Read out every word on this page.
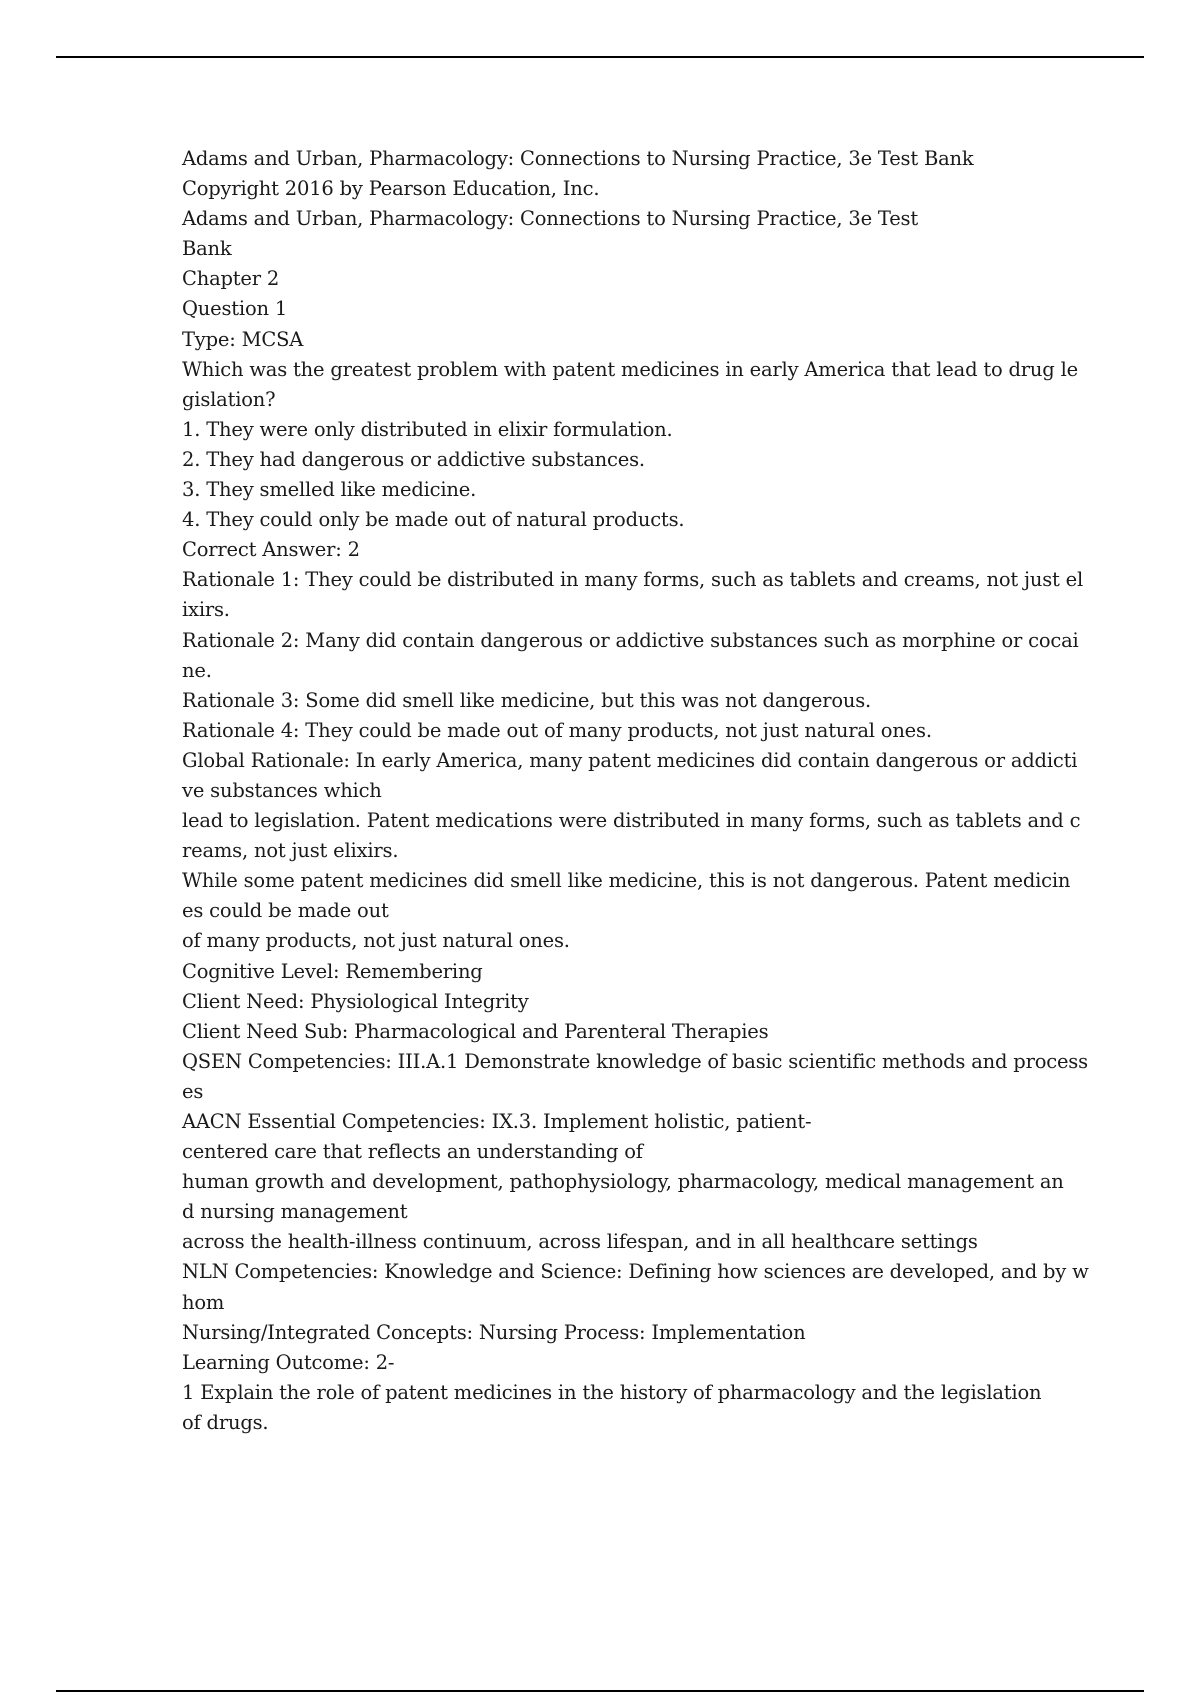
Adams and Urban, Pharmacology: Connections to Nursing Practice, 3e Test Bank
Copyright 2016 by Pearson Education, Inc.
Adams and Urban, Pharmacology: Connections to Nursing Practice, 3e Test
Bank
Chapter 2
Question 1
Type: MCSA
Which was the greatest problem with patent medicines in early America that lead to drug le
gislation?
1. They were only distributed in elixir formulation.
2. They had dangerous or addictive substances.
3. They smelled like medicine.
4. They could only be made out of natural products.
Correct Answer: 2
Rationale 1: They could be distributed in many forms, such as tablets and creams, not just el
ixirs.
Rationale 2: Many did contain dangerous or addictive substances such as morphine or cocai
ne.
Rationale 3: Some did smell like medicine, but this was not dangerous.
Rationale 4: They could be made out of many products, not just natural ones.
Global Rationale: In early America, many patent medicines did contain dangerous or addicti
ve substances which
lead to legislation. Patent medications were distributed in many forms, such as tablets and c
reams, not just elixirs.
While some patent medicines did smell like medicine, this is not dangerous. Patent medicin
es could be made out
of many products, not just natural ones.
Cognitive Level: Remembering
Client Need: Physiological Integrity
Client Need Sub: Pharmacological and Parenteral Therapies
QSEN Competencies: III.A.1 Demonstrate knowledge of basic scientific methods and process
es
AACN Essential Competencies: IX.3. Implement holistic, patient-
centered care that reflects an understanding of
human growth and development, pathophysiology, pharmacology, medical management an
d nursing management
across the health-illness continuum, across lifespan, and in all healthcare settings
NLN Competencies: Knowledge and Science: Defining how sciences are developed, and by w
hom
Nursing/Integrated Concepts: Nursing Process: Implementation
Learning Outcome: 2-
1 Explain the role of patent medicines in the history of pharmacology and the legislation
of drugs.
